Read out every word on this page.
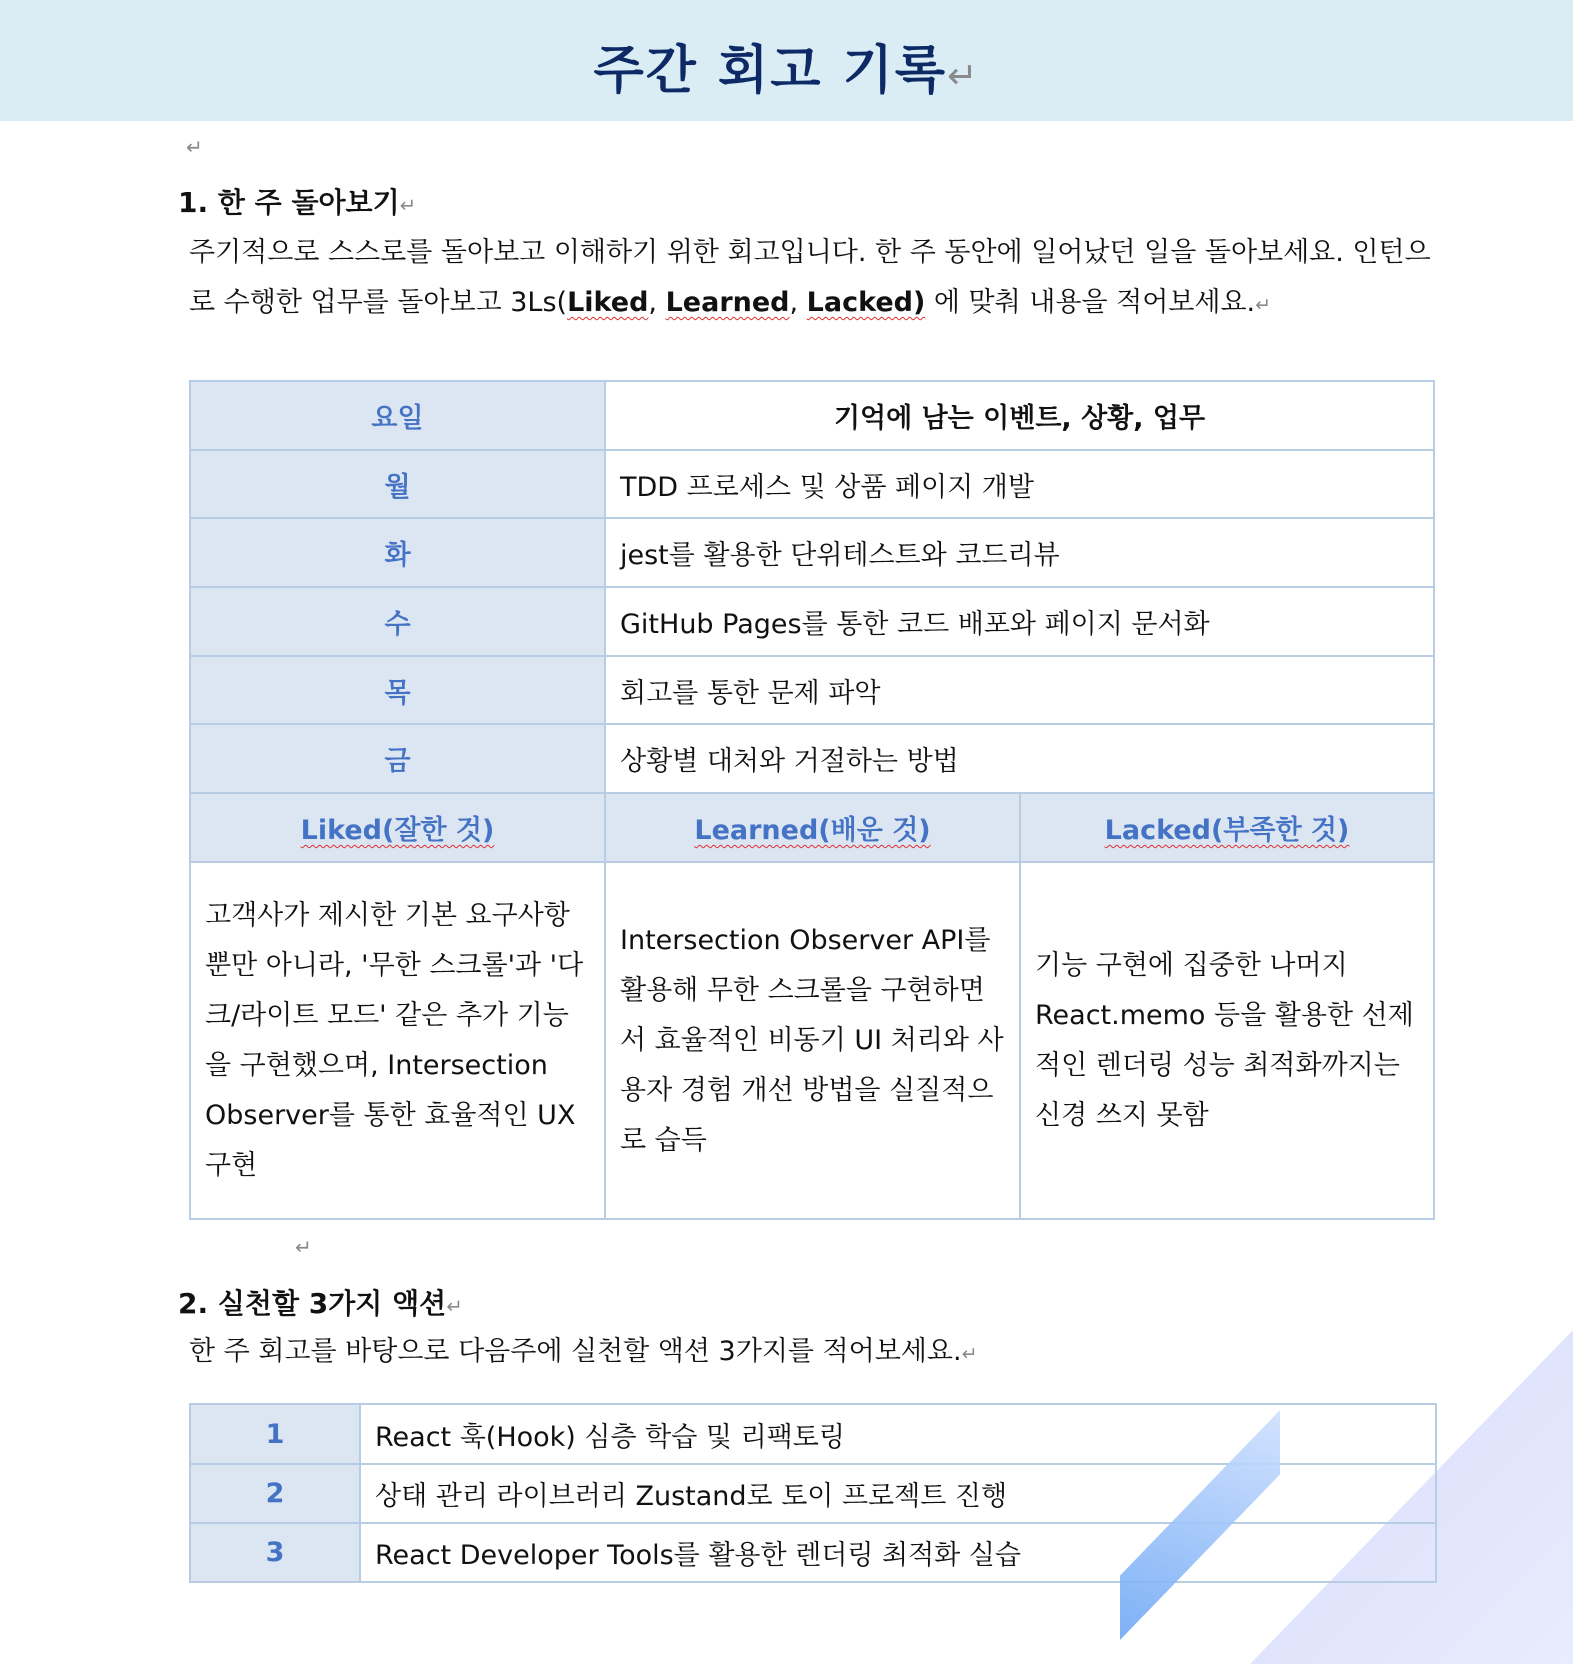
주간 회고 기록↵
↵
1. 한 주 돌아보기↵
주기적으로 스스로를 돌아보고 이해하기 위한 회고입니다. 한 주 동안에 일어났던 일을 돌아보세요. 인턴으로 수행한 업무를 돌아보고 3Ls(Liked, Learned, Lacked) 에 맞춰 내용을 적어보세요.↵
요일	기억에 남는 이벤트, 상황, 업무	
월	TDD 프로세스 및 상품 페이지 개발	
화	jest를 활용한 단위테스트와 코드리뷰	
수	GitHub Pages를 통한 코드 배포와 페이지 문서화	
목	회고를 통한 문제 파악	
금	상황별 대처와 거절하는 방법	
Liked(잘한 것)	Learned(배운 것)	Lacked(부족한 것)
고객사가 제시한 기본 요구사항뿐만 아니라, '무한 스크롤'과 '다크/라이트 모드' 같은 추가 기능을 구현했으며, Intersection Observer를 통한 효율적인 UX 구현	Intersection Observer API를 활용해 무한 스크롤을 구현하면서 효율적인 비동기 UI 처리와 사용자 경험 개선 방법을 실질적으로 습득	기능 구현에 집중한 나머지 React.memo 등을 활용한 선제적인 렌더링 성능 최적화까지는 신경 쓰지 못함
↵
2. 실천할 3가지 액션↵
한 주 회고를 바탕으로 다음주에 실천할 액션 3가지를 적어보세요.↵
1	React 훅(Hook) 심층 학습 및 리팩토링
2	상태 관리 라이브러리 Zustand로 토이 프로젝트 진행
3	React Developer Tools를 활용한 렌더링 최적화 실습
